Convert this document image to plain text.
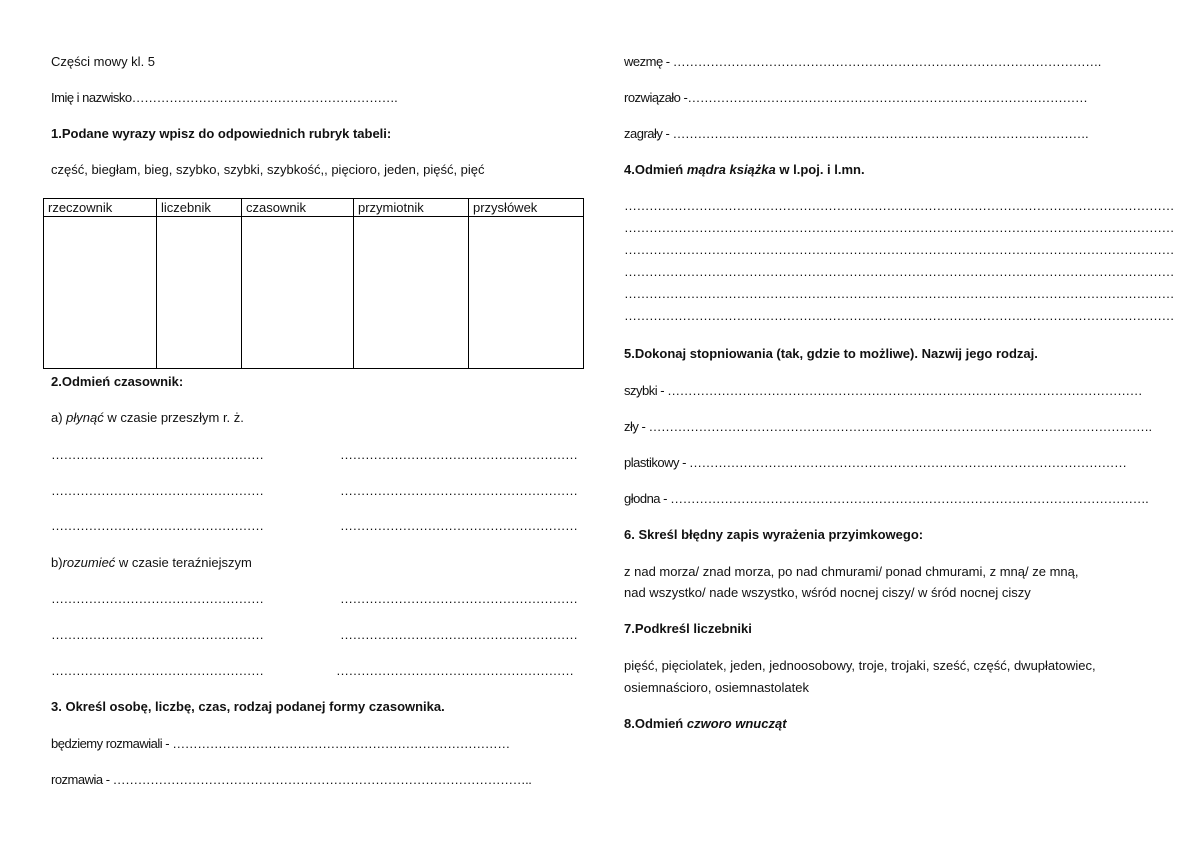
Części mowy kl. 5
Imię i nazwisko……………………………………………………….
1.Podane wyrazy wpisz do odpowiednich rubryk tabeli:
część, biegłam, bieg, szybko, szybki, szybkość,, pięcioro, jeden, pięść, pięć
rzeczownik	liczebnik	czasownik	przymiotnik	przysłówek

2.Odmień czasownik:
a) płynąć w czasie przeszłym r. ż.
……………………………………………	…………………………………………………
……………………………………………	…………………………………………………
……………………………………………	…………………………………………………
b)rozumieć w czasie teraźniejszym
……………………………………………	…………………………………………………
……………………………………………	…………………………………………………
……………………………………………	…………………………………………………
3. Określ osobę, liczbę, czas, rodzaj podanej formy czasownika.
będziemy rozmawiali - ………………………………………………………………………
rozmawia - ………………………………………………………………………………………..
wezmę - ………………………………………………………………………………………….
rozwiązało -……………………………………………………………………………………
zagrały - ……………………………………………………………………………………….
4.Odmień mądra książka w l.poj. i l.mn.
……………………………………………………………………………………………………………………
……………………………………………………………………………………………………………………
……………………………………………………………………………………………………………………
……………………………………………………………………………………………………………………
……………………………………………………………………………………………………………………
……………………………………………………………………………………………………………………
5.Dokonaj stopniowania (tak, gdzie to możliwe). Nazwij jego rodzaj.
szybki - ……………………………………………………………………………………………………
zły - ………………………………………………………………………………………………………….
plastikowy - ……………………………………………………………………………………………
głodna - …………………………………………………………………………………………………….
6. Skreśl błędny zapis wyrażenia przyimkowego:
z nad morza/ znad morza, po nad chmurami/ ponad chmurami, z mną/ ze mną,
nad wszystko/ nade wszystko, wśród nocnej ciszy/ w śród nocnej ciszy
7.Podkreśl liczebniki
pięść, pięciolatek, jeden, jednoosobowy, troje, trojaki, sześć, część, dwupłatowiec,
osiemnaścioro, osiemnastolatek
8.Odmień czworo wnucząt
